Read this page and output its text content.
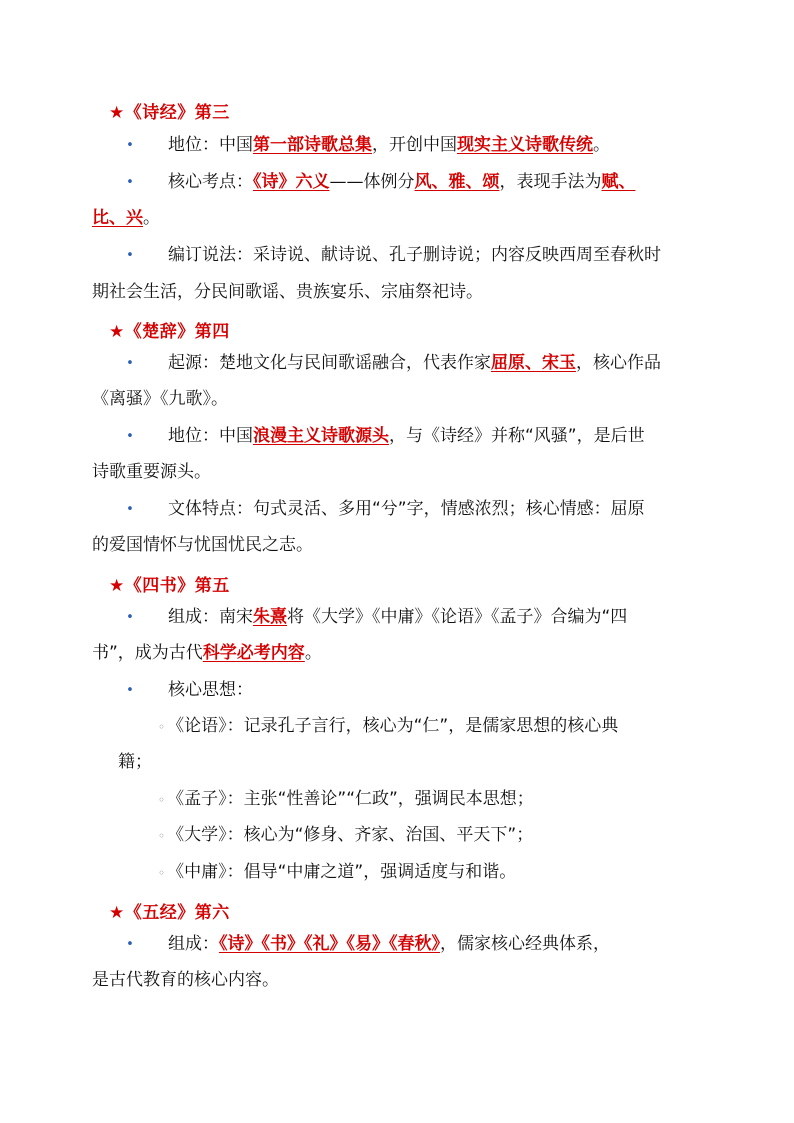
★《诗经》第三
• 地位：中国第一部诗歌总集，开创中国现实主义诗歌传统。
• 核心考点：《诗》六义——体例分风、雅、颂，表现手法为赋、
比、兴。
• 编订说法：采诗说、献诗说、孔子删诗说；内容反映西周至春秋时
期社会生活，分民间歌谣、贵族宴乐、宗庙祭祀诗。
★《楚辞》第四
• 起源：楚地文化与民间歌谣融合，代表作家屈原、宋玉，核心作品
《离骚》《九歌》。
• 地位：中国浪漫主义诗歌源头，与《诗经》并称“风骚”，是后世
诗歌重要源头。
• 文体特点：句式灵活、多用“兮”字，情感浓烈；核心情感：屈原
的爱国情怀与忧国忧民之志。
★《四书》第五
• 组成：南宋朱熹将《大学》《中庸》《论语》《孟子》合编为“四
书”，成为古代科学必考内容。
• 核心思想：
◦ 《论语》：记录孔子言行，核心为“仁”，是儒家思想的核心典
籍；
◦ 《孟子》：主张“性善论”“仁政”，强调民本思想；
◦ 《大学》：核心为“修身、齐家、治国、平天下”；
◦ 《中庸》：倡导“中庸之道”，强调适度与和谐。
★《五经》第六
• 组成：《诗》《书》《礼》《易》《春秋》，儒家核心经典体系，
是古代教育的核心内容。
